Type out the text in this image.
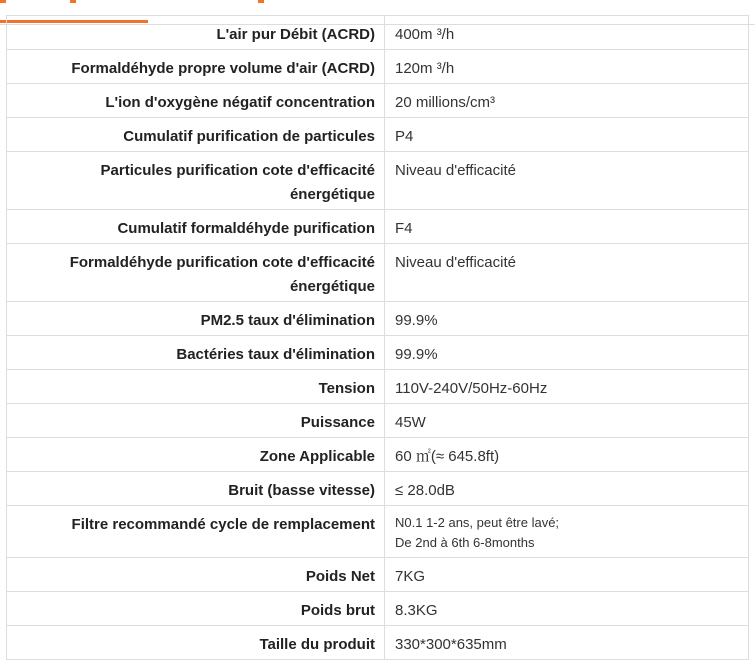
L'air pur Débit (ACRD)	400m ³/h
Formaldéhyde propre volume d'air (ACRD)	120m ³/h
L'ion d'oxygène négatif concentration	20 millions/cm³
Cumulatif purification de particules	P4
Particules purification cote d'efficacité énergétique	Niveau d'efficacité
Cumulatif formaldéhyde purification	F4
Formaldéhyde purification cote d'efficacité énergétique	Niveau d'efficacité
PM2.5 taux d'élimination	99.9%
Bactéries taux d'élimination	99.9%
Tension	110V-240V/50Hz-60Hz
Puissance	45W
Zone Applicable	60 ㎡(≈ 645.8ft)
Bruit (basse vitesse)	≤ 28.0dB
Filtre recommandé cycle de remplacement	N0.1 1-2 ans, peut être lavé;
De 2nd à 6th 6-8months

Poids Net	7KG
Poids brut	8.3KG
Taille du produit	330*300*635mm
